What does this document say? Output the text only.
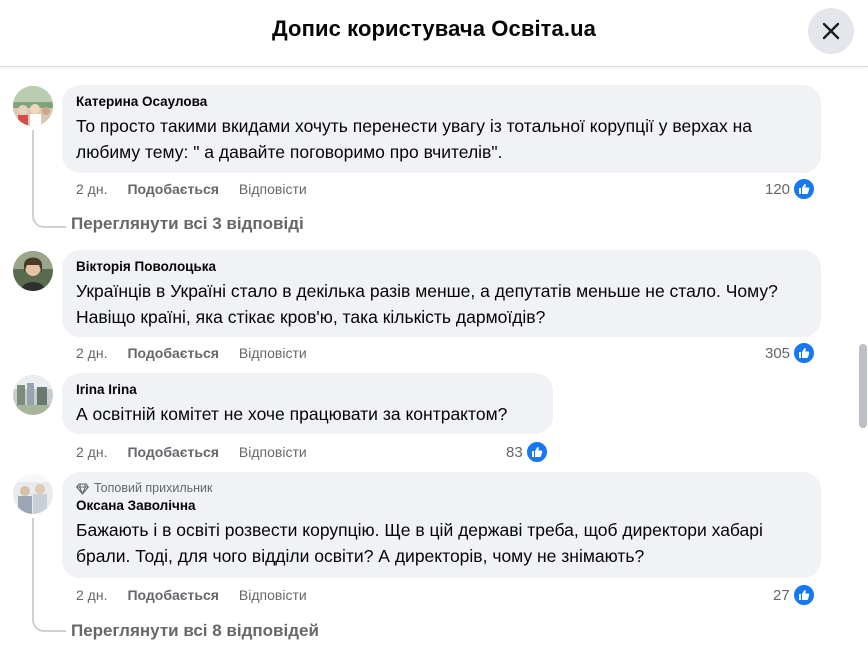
Допис користувача Освіта.ua
Катерина Осаулова
То просто такими вкидами хочуть перенести увагу із тотальної корупції у верхах на любиму тему: " а давайте поговоримо про вчителів".
2 дн. Подобається Відповісти	120
Переглянути всі 3 відповіді
Вікторія Поволоцька
Українців в Україні стало в декілька разів менше, а депутатів меньше не стало. Чому? Навіщо країні, яка стікає кров'ю, така кількість дармоїдів?
2 дн. Подобається Відповісти	305
Irina Irina
А освітній комітет не хоче працювати за контрактом?
2 дн. Подобається Відповісти	83
Топовий прихильник
Оксана Заволічна
Бажають і в освіті розвести корупцію. Ще в цій державі треба, щоб директори хабарі брали. Тоді, для чого відділи освіти? А директорів, чому не знімають?
2 дн. Подобається Відповісти	27
Переглянути всі 8 відповідей
